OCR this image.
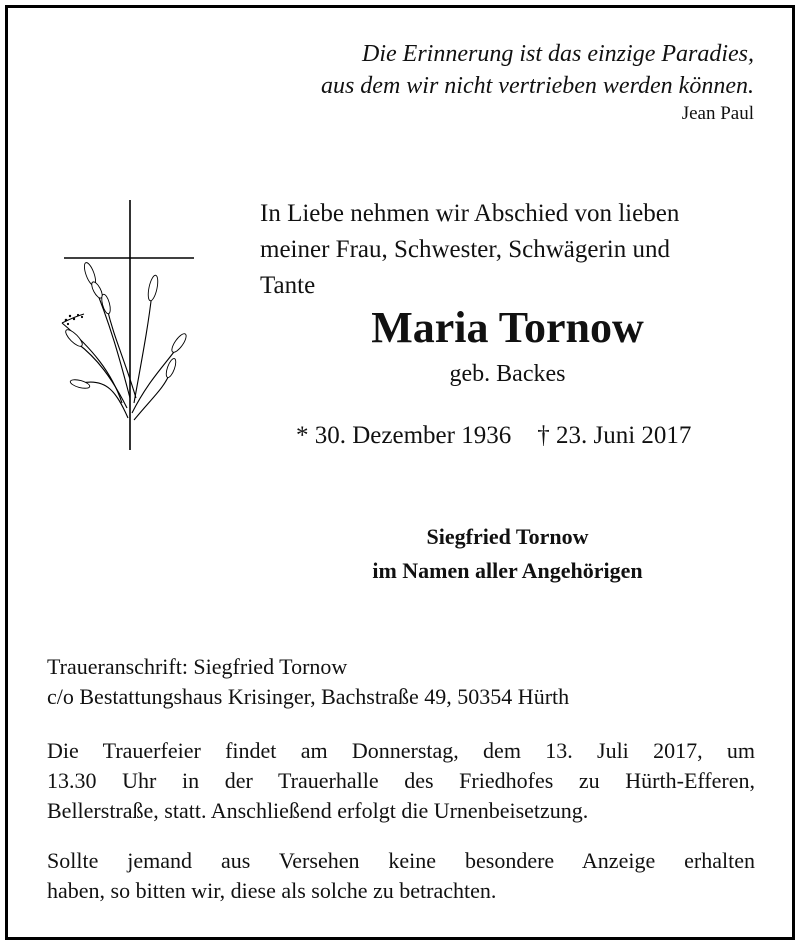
Die Erinnerung ist das einzige Paradies,
aus dem wir nicht vertrieben werden können.
Jean Paul
In Liebe nehmen wir Abschied von lieben
meiner Frau, Schwester, Schwägerin und
Tante
Maria Tornow
geb. Backes
* 30. Dezember 1936 † 23. Juni 2017
Siegfried Tornow
im Namen aller Angehörigen
Traueranschrift: Siegfried Tornow
c/o Bestattungshaus Krisinger, Bachstraße 49, 50354 Hürth
Die Trauerfeier findet am Donnerstag, dem 13. Juli 2017, um
13.30 Uhr in der Trauerhalle des Friedhofes zu Hürth-Efferen,
Bellerstraße, statt. Anschließend erfolgt die Urnenbeisetzung.
Sollte jemand aus Versehen keine besondere Anzeige erhalten
haben, so bitten wir, diese als solche zu betrachten.
